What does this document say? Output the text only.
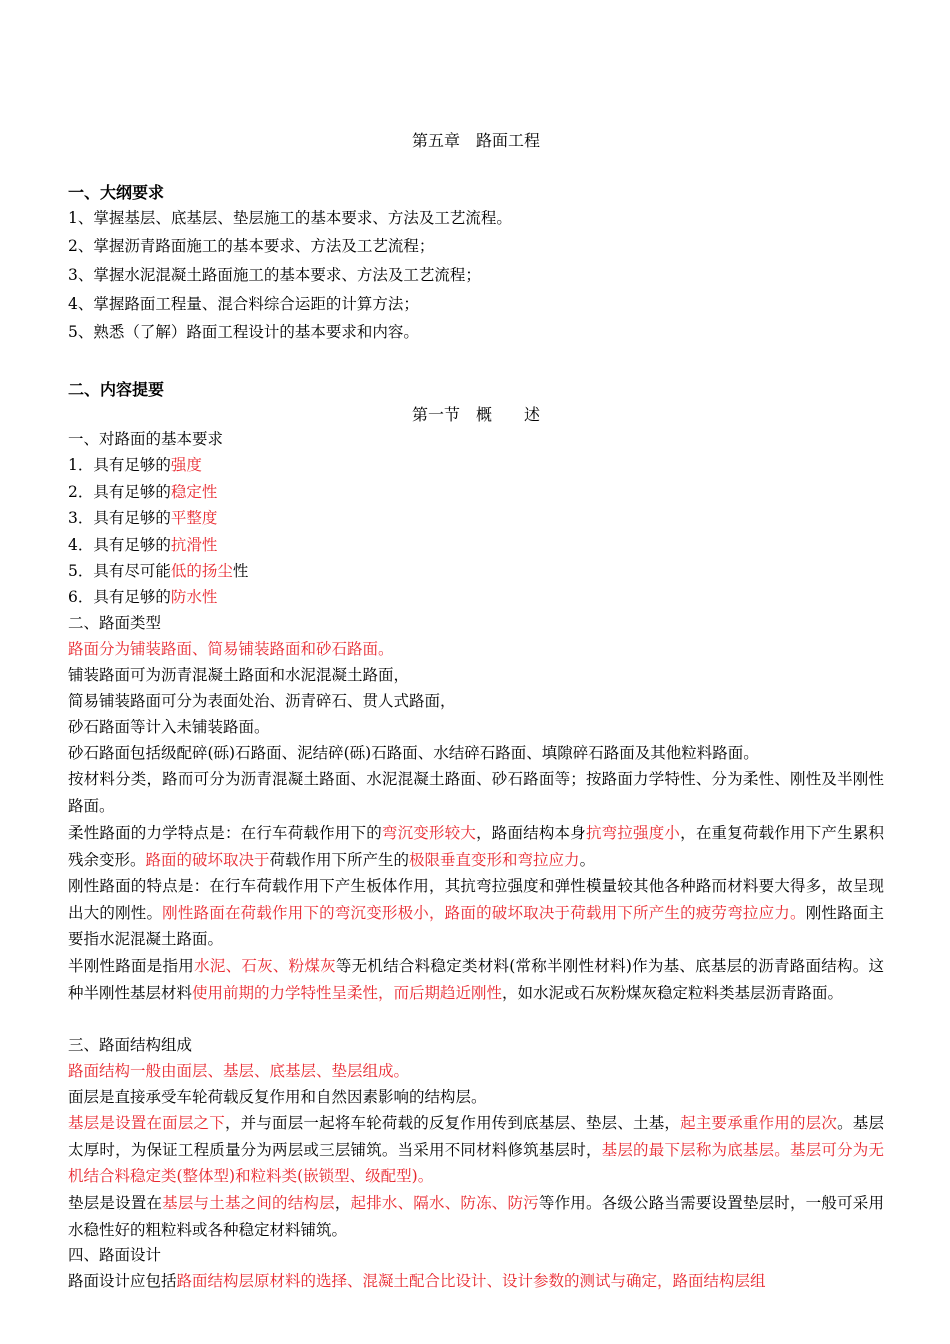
第五章　路面工程
一、大纲要求
1、掌握基层、底基层、垫层施工的基本要求、方法及工艺流程。
2、掌握沥青路面施工的基本要求、方法及工艺流程；
3、掌握水泥混凝土路面施工的基本要求、方法及工艺流程；
4、掌握路面工程量、混合料综合运距的计算方法；
5、熟悉（了解）路面工程设计的基本要求和内容。
二、内容提要
第一节　概　　述
一、对路面的基本要求
1．具有足够的强度
2．具有足够的稳定性
3．具有足够的平整度
4．具有足够的抗滑性
5．具有尽可能低的扬尘性
6．具有足够的防水性
二、路面类型
路面分为铺装路面、简易铺装路面和砂石路面。
铺装路面可为沥青混凝土路面和水泥混凝土路面，
简易铺装路面可分为表面处治、沥青碎石、贯人式路面，
砂石路面等计入未铺装路面。
砂石路面包括级配碎(砾)石路面、泥结碎(砾)石路面、水结碎石路面、填隙碎石路面及其他粒料路面。
按材料分类，路而可分为沥青混凝土路面、水泥混凝土路面、砂石路面等；按路面力学特性、分为柔性、刚性及半刚性路面。
柔性路面的力学特点是：在行车荷载作用下的弯沉变形较大，路面结构本身抗弯拉强度小，在重复荷载作用下产生累积残余变形。路面的破坏取决于荷载作用下所产生的极限垂直变形和弯拉应力。
刚性路面的特点是：在行车荷载作用下产生板体作用，其抗弯拉强度和弹性模量较其他各种路而材料要大得多，故呈现出大的刚性。刚性路面在荷载作用下的弯沉变形极小，路面的破坏取决于荷载用下所产生的疲劳弯拉应力。刚性路面主要指水泥混凝土路面。
半刚性路面是指用水泥、石灰、粉煤灰等无机结合料稳定类材料(常称半刚性材料)作为基、底基层的沥青路面结构。这种半刚性基层材料使用前期的力学特性呈柔性，而后期趋近刚性，如水泥或石灰粉煤灰稳定粒料类基层沥青路面。
三、路面结构组成
路面结构一般由面层、基层、底基层、垫层组成。
面层是直接承受车轮荷载反复作用和自然因素影响的结构层。
基层是设置在面层之下，并与面层一起将车轮荷载的反复作用传到底基层、垫层、土基，起主要承重作用的层次。基层太厚时，为保证工程质量分为两层或三层铺筑。当采用不同材料修筑基层时，基层的最下层称为底基层。基层可分为无机结合料稳定类(整体型)和粒料类(嵌锁型、级配型)。
垫层是设置在基层与土基之间的结构层，起排水、隔水、防冻、防污等作用。各级公路当需要设置垫层时，一般可采用水稳性好的粗粒料或各种稳定材料铺筑。
四、路面设计
路面设计应包括路面结构层原材料的选择、混凝土配合比设计、设计参数的测试与确定，路面结构层组
